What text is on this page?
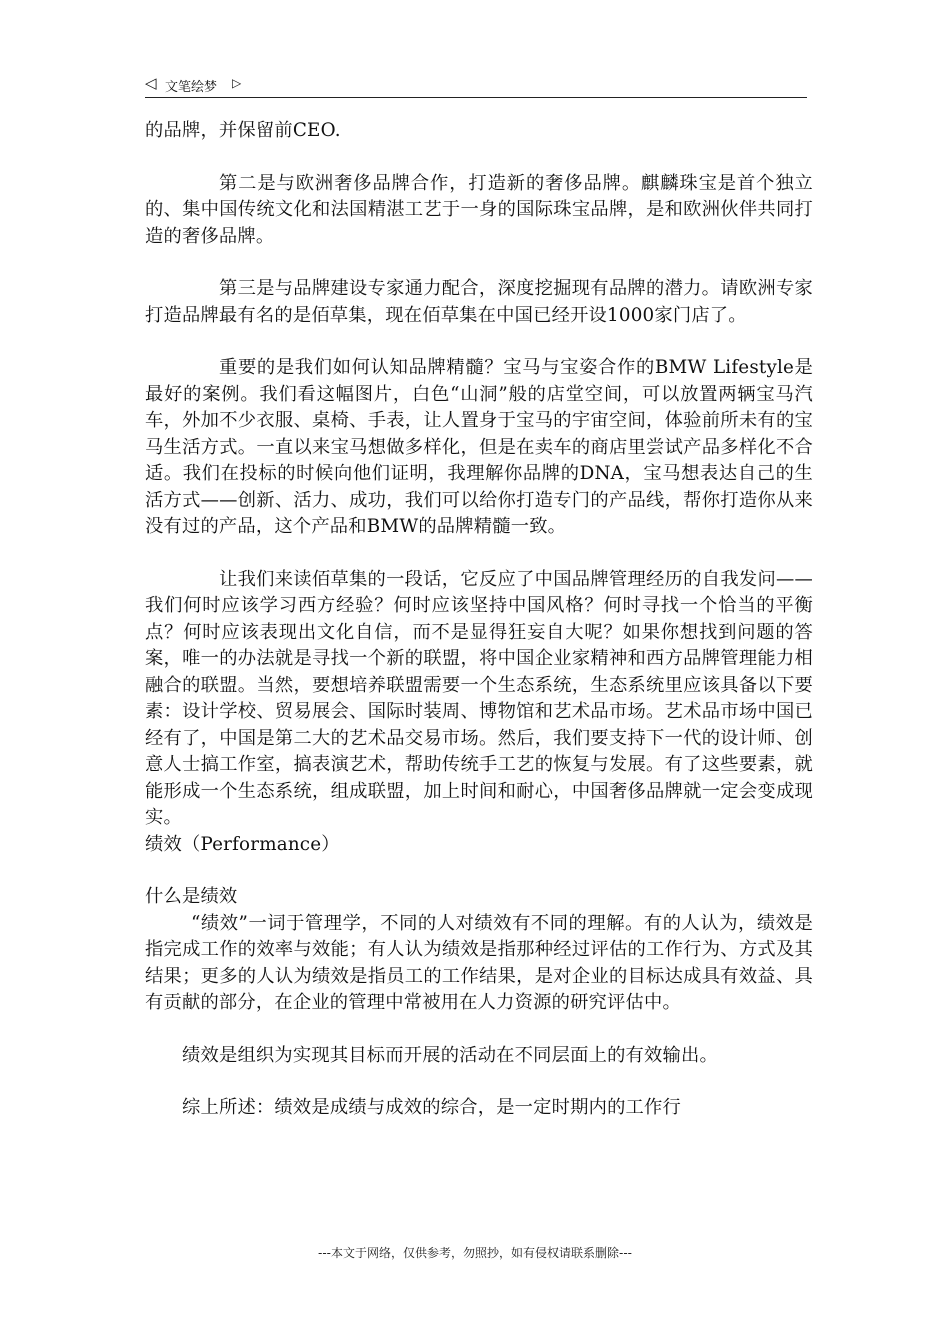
◁ 文笔绘梦 ▷

的品牌，并保留前CEO.

第二是与欧洲奢侈品牌合作，打造新的奢侈品牌。麒麟珠宝是首个独立的、集中国传统文化和法国精湛工艺于一身的国际珠宝品牌，是和欧洲伙伴共同打造的奢侈品牌。

第三是与品牌建设专家通力配合，深度挖掘现有品牌的潜力。请欧洲专家打造品牌最有名的是佰草集，现在佰草集在中国已经开设1000家门店了。

重要的是我们如何认知品牌精髓？宝马与宝姿合作的BMW Lifestyle是最好的案例。我们看这幅图片，白色“山洞”般的店堂空间，可以放置两辆宝马汽车，外加不少衣服、桌椅、手表，让人置身于宝马的宇宙空间，体验前所未有的宝马生活方式。一直以来宝马想做多样化，但是在卖车的商店里尝试产品多样化不合适。我们在投标的时候向他们证明，我理解你品牌的DNA，宝马想表达自己的生活方式——创新、活力、成功，我们可以给你打造专门的产品线，帮你打造你从来没有过的产品，这个产品和BMW的品牌精髓一致。

让我们来读佰草集的一段话，它反应了中国品牌管理经历的自我发问——我们何时应该学习西方经验？何时应该坚持中国风格？何时寻找一个恰当的平衡点？何时应该表现出文化自信，而不是显得狂妄自大呢？如果你想找到问题的答案，唯一的办法就是寻找一个新的联盟，将中国企业家精神和西方品牌管理能力相融合的联盟。当然，要想培养联盟需要一个生态系统，生态系统里应该具备以下要素：设计学校、贸易展会、国际时装周、博物馆和艺术品市场。艺术品市场中国已经有了，中国是第二大的艺术品交易市场。然后，我们要支持下一代的设计师、创意人士搞工作室，搞表演艺术，帮助传统手工艺的恢复与发展。有了这些要素，就能形成一个生态系统，组成联盟，加上时间和耐心，中国奢侈品牌就一定会变成现实。

绩效（Performance）

什么是绩效

“绩效”一词于管理学，不同的人对绩效有不同的理解。有的人认为，绩效是指完成工作的效率与效能；有人认为绩效是指那种经过评估的工作行为、方式及其结果；更多的人认为绩效是指员工的工作结果，是对企业的目标达成具有效益、具有贡献的部分，在企业的管理中常被用在人力资源的研究评估中。

绩效是组织为实现其目标而开展的活动在不同层面上的有效输出。

综上所述：绩效是成绩与成效的综合，是一定时期内的工作行

---本文于网络，仅供参考，勿照抄，如有侵权请联系删除---
